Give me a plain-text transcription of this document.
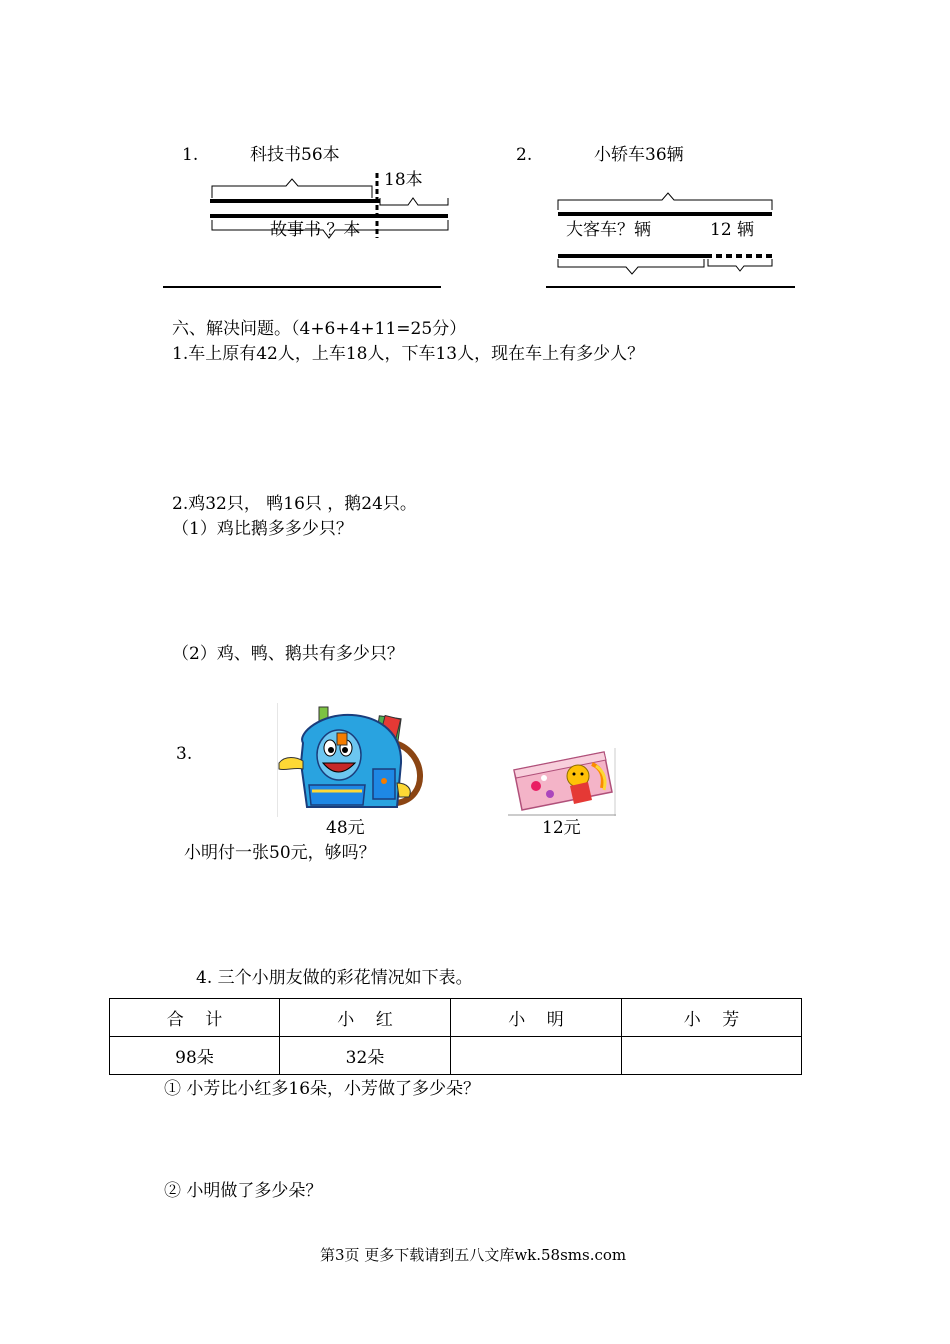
1.	科技书56本
18本
故事书 ？本
2.	小轿车36辆
大客车？辆	12 辆
六、解决问题。（4+6+4+11=25分）
1.车上原有42人，上车18人，下车13人，现在车上有多少人？
2.鸡32只， 鸭16只 ，鹅24只。
（1）鸡比鹅多多少只？
（2）鸡、鸭、鹅共有多少只？
3.
48元	12元
小明付一张50元，够吗？
4. 三个小朋友做的彩花情况如下表。
合    计	小    红	小    明	小    芳
98朵	32朵		
① 小芳比小红多16朵，小芳做了多少朵？
② 小明做了多少朵？
第3页 更多下载请到五八文库wk.58sms.com
